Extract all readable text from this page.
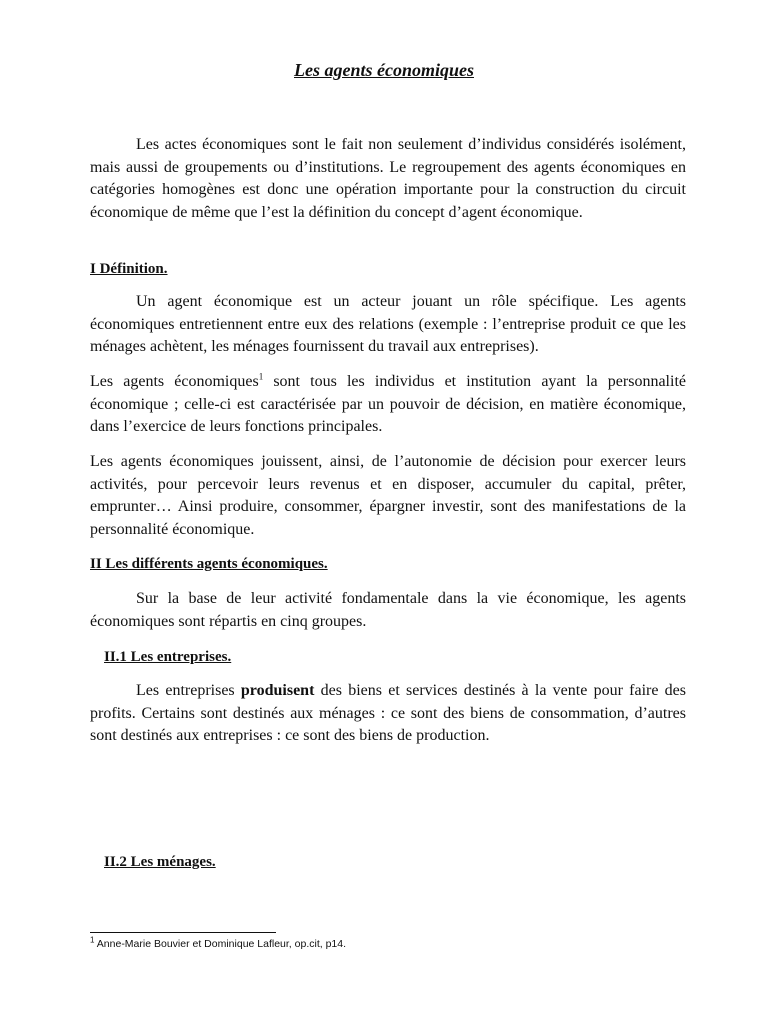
Les agents économiques

Les actes économiques sont le fait non seulement d’individus considérés isolément, mais aussi de groupements ou d’institutions. Le regroupement des agents économiques en catégories homogènes est donc une opération importante pour la construction du circuit économique de même que l’est la définition du concept d’agent économique.

I Définition.

Un agent économique est un acteur jouant un rôle spécifique. Les agents économiques entretiennent entre eux des relations (exemple : l’entreprise produit ce que les ménages achètent, les ménages fournissent du travail aux entreprises).

Les agents économiques$^1$ sont tous les individus et institution ayant la personnalité économique ; celle-ci est caractérisée par un pouvoir de décision, en matière économique, dans l’exercice de leurs fonctions principales.

Les agents économiques jouissent, ainsi, de l’autonomie de décision pour exercer leurs activités, pour percevoir leurs revenus et en disposer, accumuler du capital, prêter, emprunter… Ainsi produire, consommer, épargner investir, sont des manifestations de la personnalité économique.

II Les différents agents économiques.

Sur la base de leur activité fondamentale dans la vie économique, les agents économiques sont répartis en cinq groupes.

II.1 Les entreprises.

Les entreprises produisent des biens et services destinés à la vente pour faire des profits. Certains sont destinés aux ménages : ce sont des biens de consommation, d’autres sont destinés aux entreprises : ce sont des biens de production.

II.2 Les ménages.

$^1$ Anne-Marie Bouvier et Dominique Lafleur, op.cit, p14.
